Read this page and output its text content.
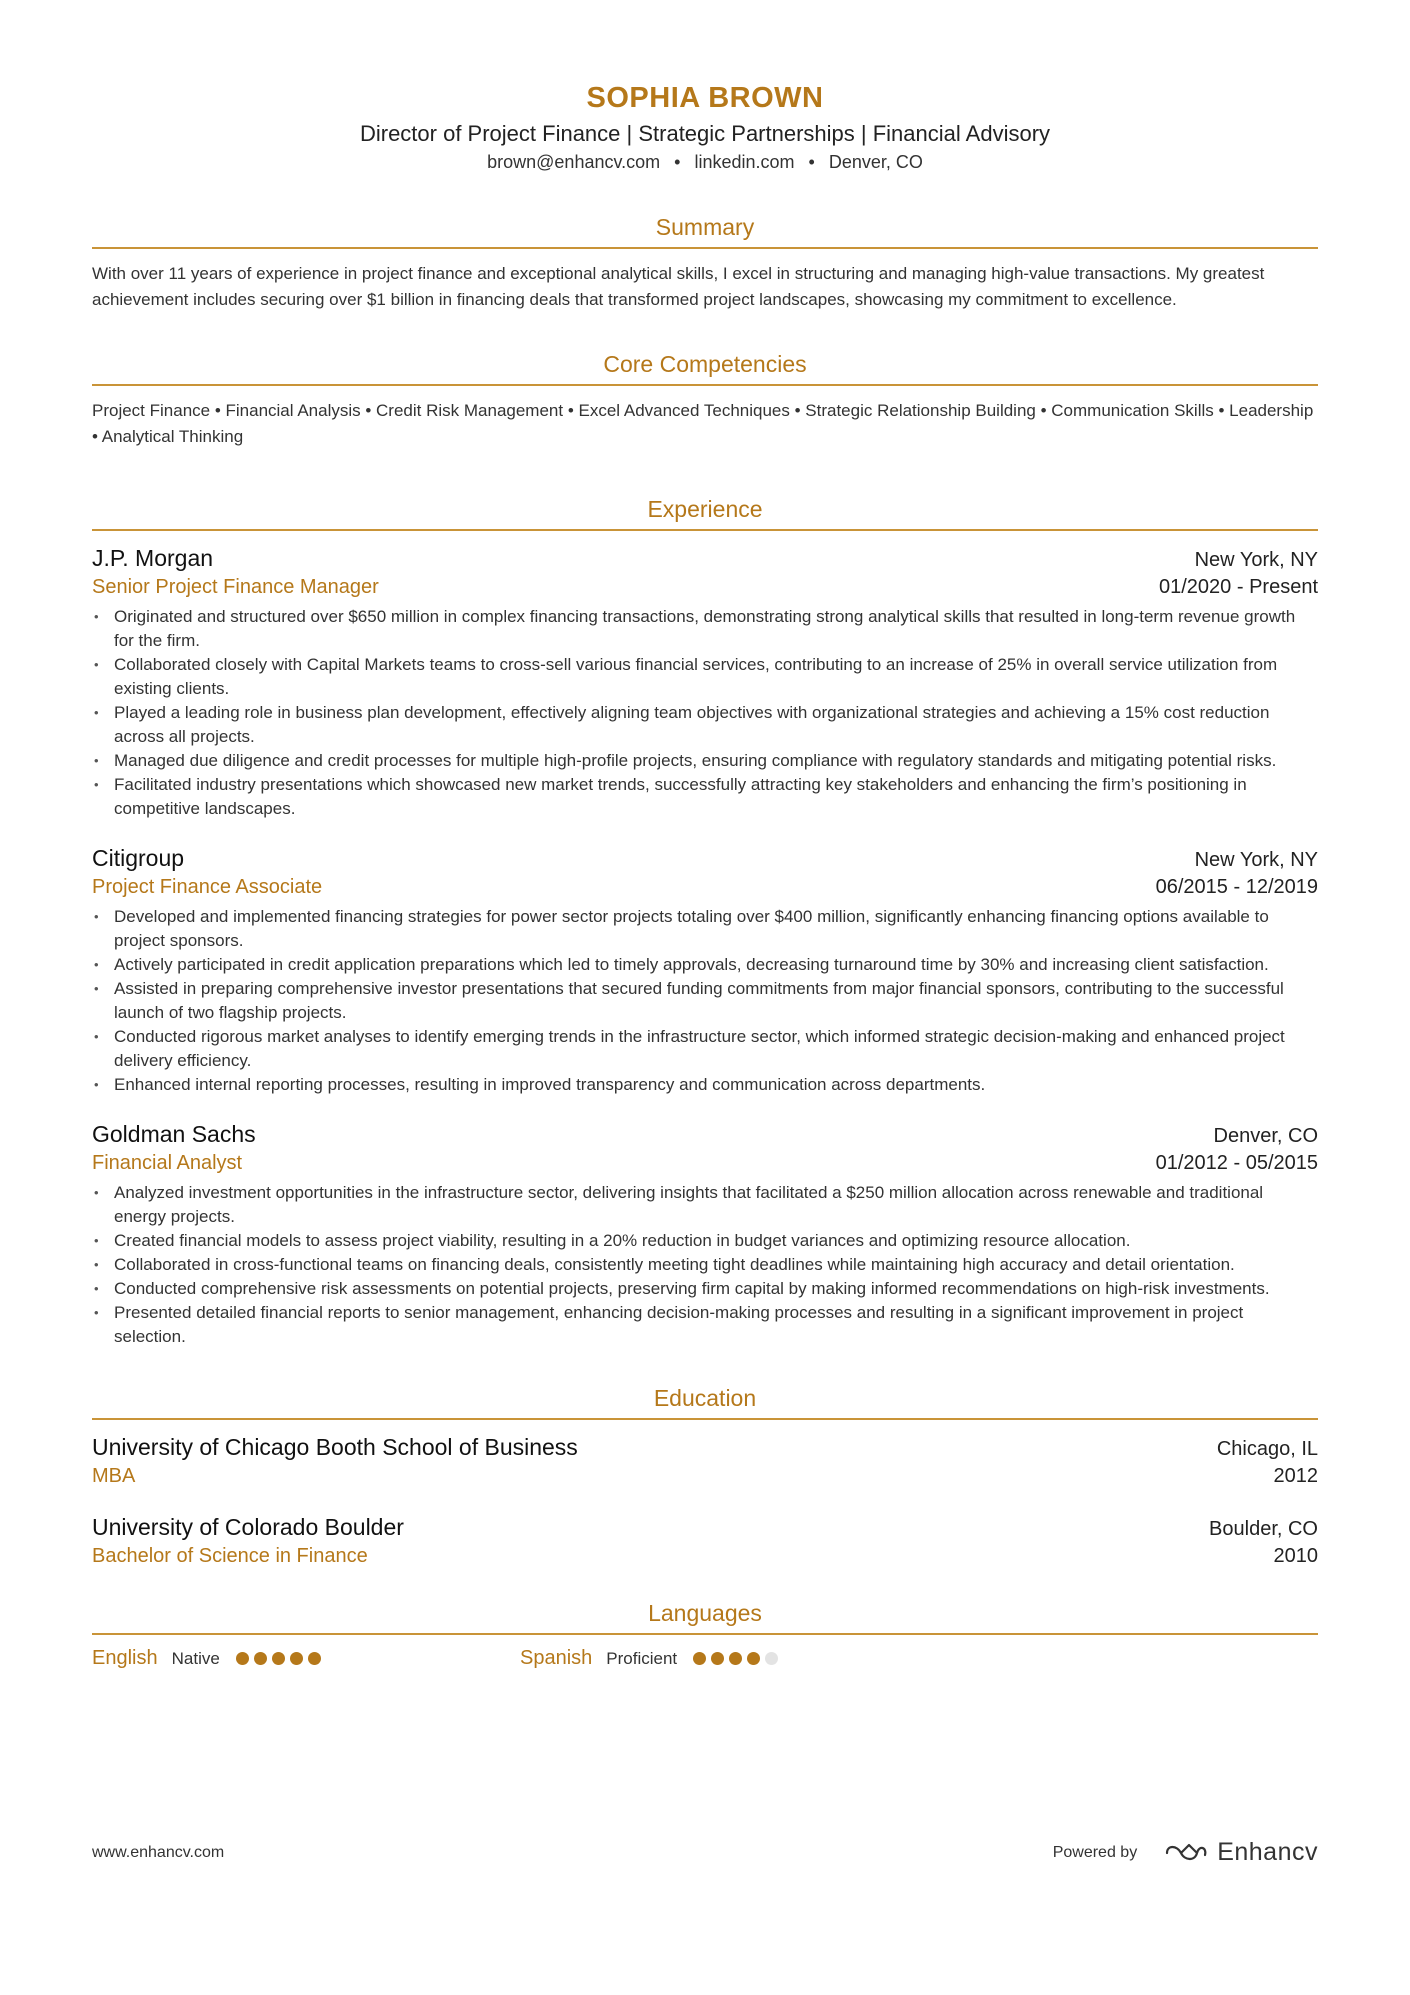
SOPHIA BROWN
Director of Project Finance | Strategic Partnerships | Financial Advisory
brown@enhancv.com • linkedin.com • Denver, CO
Summary

With over 11 years of experience in project finance and exceptional analytical skills, I excel in structuring and managing high-value transactions. My greatest achievement includes securing over $1 billion in financing deals that transformed project landscapes, showcasing my commitment to excellence.

Core Competencies

Project Finance • Financial Analysis • Credit Risk Management • Excel Advanced Techniques • Strategic Relationship Building • Communication Skills • Leadership • Analytical Thinking

Experience
J.P. Morgan	New York, NY
Senior Project Finance Manager	01/2020 - Present
• Originated and structured over $650 million in complex financing transactions, demonstrating strong analytical skills that resulted in long-term revenue growth for the firm.
• Collaborated closely with Capital Markets teams to cross-sell various financial services, contributing to an increase of 25% in overall service utilization from existing clients.
• Played a leading role in business plan development, effectively aligning team objectives with organizational strategies and achieving a 15% cost reduction across all projects.
• Managed due diligence and credit processes for multiple high-profile projects, ensuring compliance with regulatory standards and mitigating potential risks.
• Facilitated industry presentations which showcased new market trends, successfully attracting key stakeholders and enhancing the firm’s positioning in competitive landscapes.
Citigroup	New York, NY
Project Finance Associate	06/2015 - 12/2019
• Developed and implemented financing strategies for power sector projects totaling over $400 million, significantly enhancing financing options available to project sponsors.
• Actively participated in credit application preparations which led to timely approvals, decreasing turnaround time by 30% and increasing client satisfaction.
• Assisted in preparing comprehensive investor presentations that secured funding commitments from major financial sponsors, contributing to the successful launch of two flagship projects.
• Conducted rigorous market analyses to identify emerging trends in the infrastructure sector, which informed strategic decision-making and enhanced project delivery efficiency.
• Enhanced internal reporting processes, resulting in improved transparency and communication across departments.
Goldman Sachs	Denver, CO
Financial Analyst	01/2012 - 05/2015
• Analyzed investment opportunities in the infrastructure sector, delivering insights that facilitated a $250 million allocation across renewable and traditional energy projects.
• Created financial models to assess project viability, resulting in a 20% reduction in budget variances and optimizing resource allocation.
• Collaborated in cross-functional teams on financing deals, consistently meeting tight deadlines while maintaining high accuracy and detail orientation.
• Conducted comprehensive risk assessments on potential projects, preserving firm capital by making informed recommendations on high-risk investments.
• Presented detailed financial reports to senior management, enhancing decision-making processes and resulting in a significant improvement in project selection.
Education
University of Chicago Booth School of Business	Chicago, IL
MBA	2012
University of Colorado Boulder	Boulder, CO
Bachelor of Science in Finance	2010
Languages
English Native	Spanish Proficient
www.enhancv.com	Powered by	Enhancv
